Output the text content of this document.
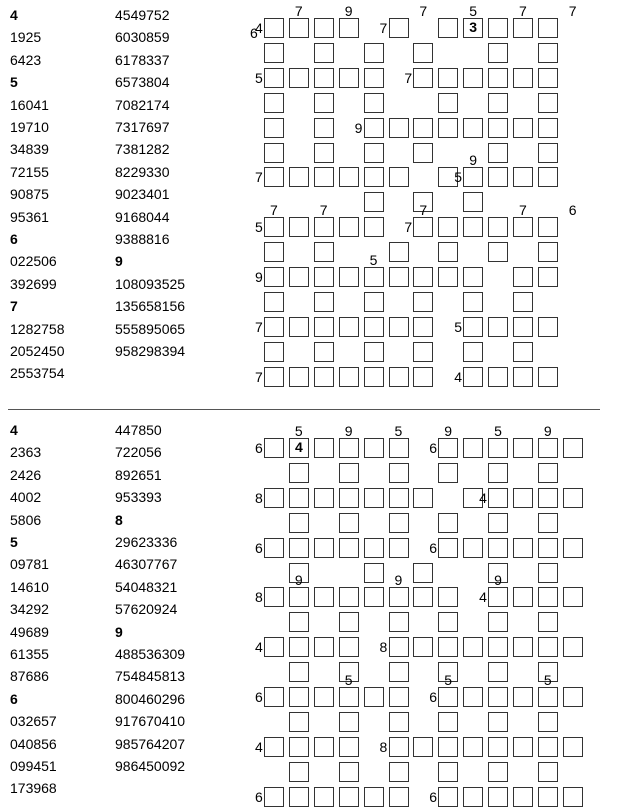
4
1925
6423
5
16041
19710
34839
72155
90875
95361
6
022506
392699
7
1282758
2052450
2553754
4549752
6030859
6178337
6573804
7082174
7317697
7381282
8229330
9023401
9168044
9388816
9
108093525
135658156
555895065
958298394
3
4
6
7	9
7
7	5	7	7
5	7
9
9
7	5
7	7	7	7	6
5	7
5
9
7	5
7	4
4
2363
2426
4002
5806
5
09781
14610
34292
49689
61355
87686
6
032657
040856
099451
173968
447850
722056
892651
953393
8
29623336
46307767
54048321
57620924
9
488536309
754845813
800460296
917670410
985764207
986450092
4
5	9	5	9	5	9
6	6
8	4
6	6
9	9	9
8	4
4	8
5	5	5
6	6
4	8
6	6
